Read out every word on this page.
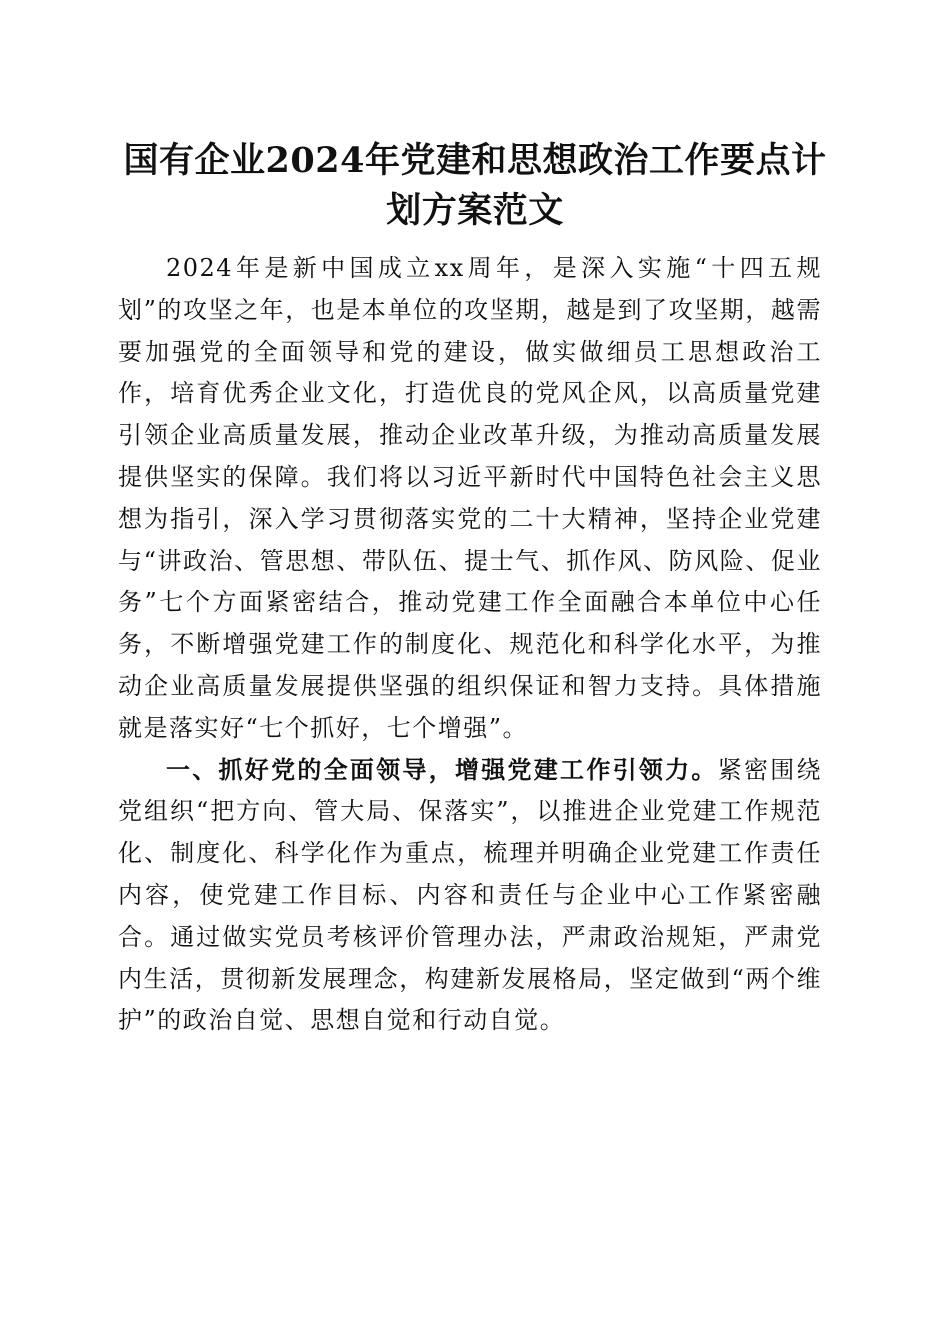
国有企业2024年党建和思想政治工作要点计划方案范文

2024年是新中国成立xx周年，是深入实施“十四五规划”的攻坚之年，也是本单位的攻坚期，越是到了攻坚期，越需要加强党的全面领导和党的建设，做实做细员工思想政治工作，培育优秀企业文化，打造优良的党风企风，以高质量党建引领企业高质量发展，推动企业改革升级，为推动高质量发展提供坚实的保障。我们将以习近平新时代中国特色社会主义思想为指引，深入学习贯彻落实党的二十大精神，坚持企业党建与“讲政治、管思想、带队伍、提士气、抓作风、防风险、促业务”七个方面紧密结合，推动党建工作全面融合本单位中心任务，不断增强党建工作的制度化、规范化和科学化水平，为推动企业高质量发展提供坚强的组织保证和智力支持。具体措施就是落实好“七个抓好，七个增强”。

一、抓好党的全面领导，增强党建工作引领力。紧密围绕党组织“把方向、管大局、保落实”，以推进企业党建工作规范化、制度化、科学化作为重点，梳理并明确企业党建工作责任内容，使党建工作目标、内容和责任与企业中心工作紧密融合。通过做实党员考核评价管理办法，严肃政治规矩，严肃党内生活，贯彻新发展理念，构建新发展格局，坚定做到“两个维护”的政治自觉、思想自觉和行动自觉。
